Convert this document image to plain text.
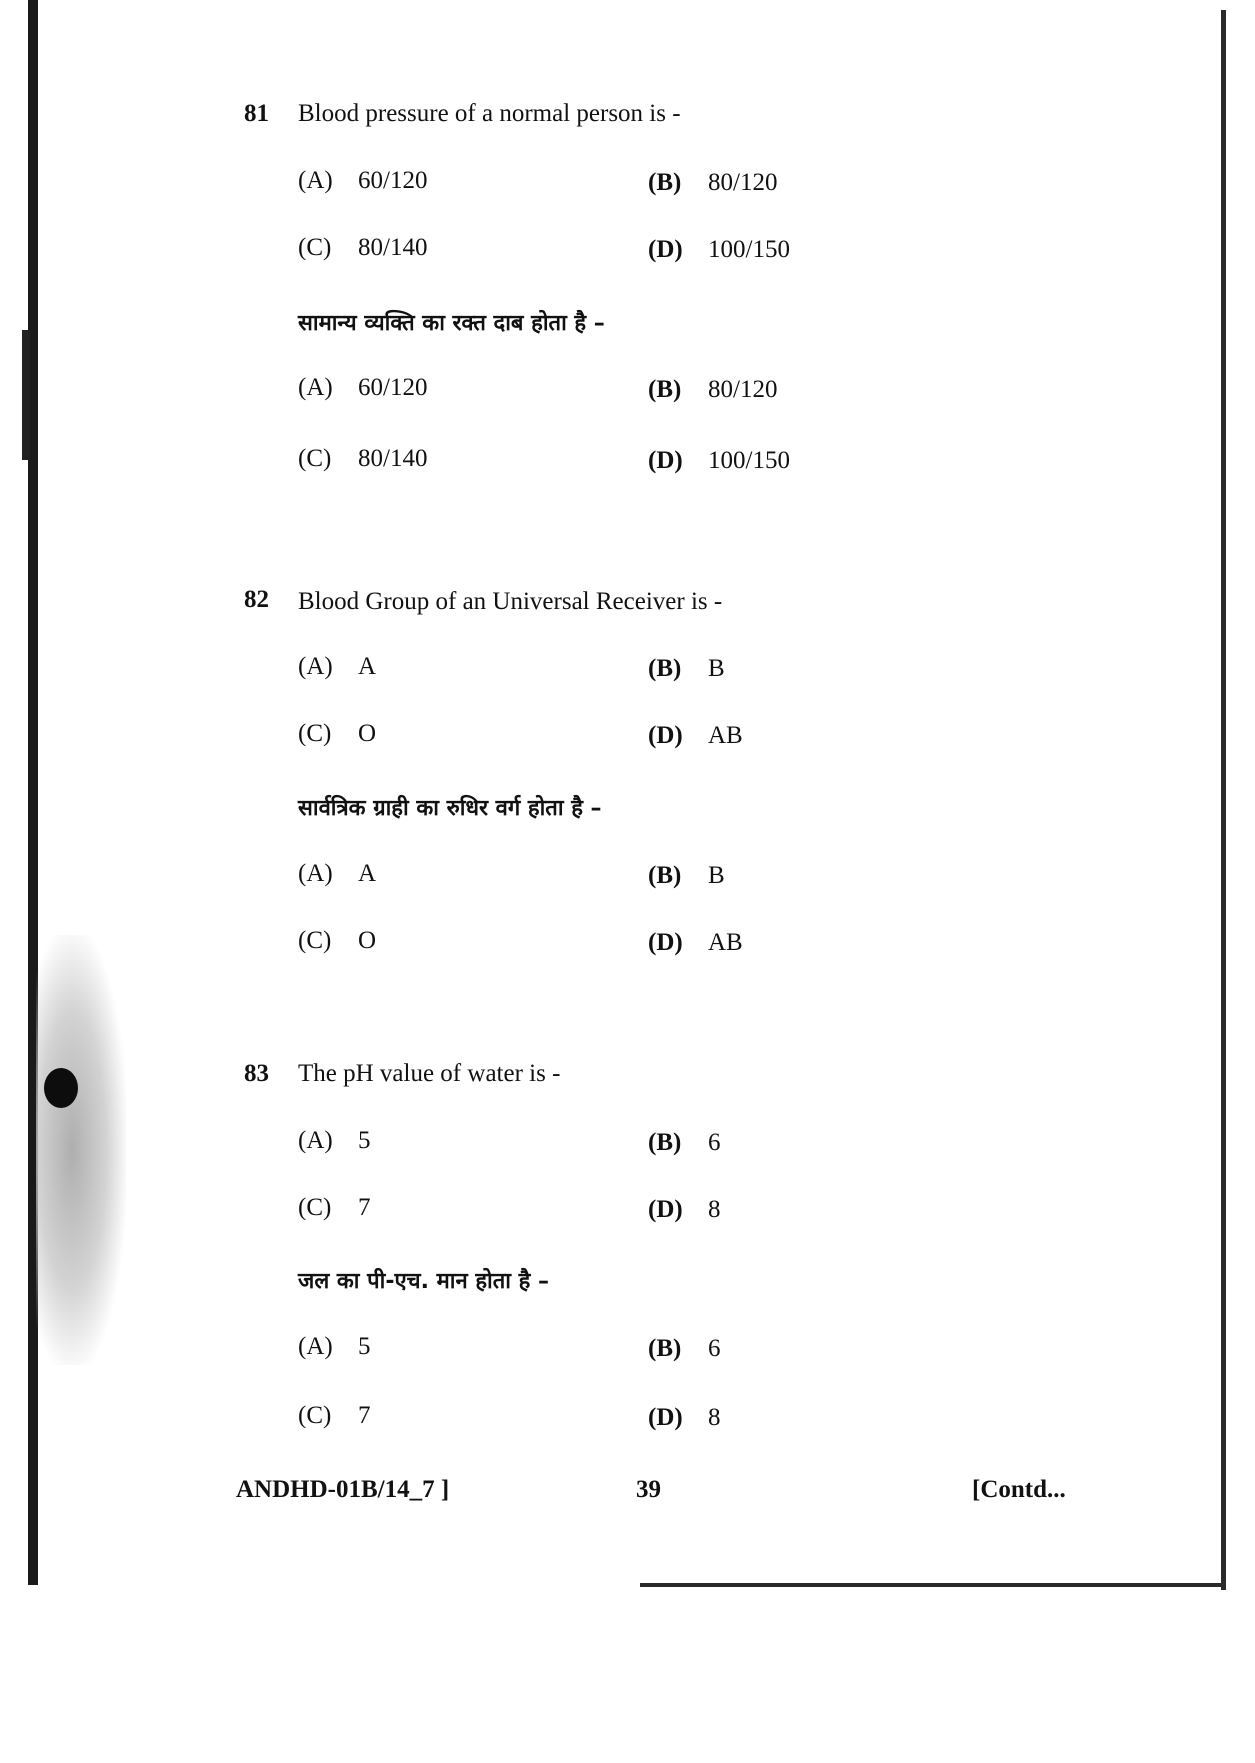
81 Blood pressure of a normal person is -
(A) 60/120	(B) 80/120
(C) 80/140	(D) 100/150
सामान्य व्यक्ति का रक्त दाब होता है –
(A) 60/120	(B) 80/120
(C) 80/140	(D) 100/150
82 Blood Group of an Universal Receiver is -
(A) A	(B) B
(C) O	(D) AB
सार्वत्रिक ग्राही का रुधिर वर्ग होता है –
(A) A	(B) B
(C) O	(D) AB
83 The pH value of water is -
(A) 5	(B) 6
(C) 7	(D) 8
जल का पी-एच. मान होता है –
(A) 5	(B) 6
(C) 7	(D) 8
ANDHD-01B/14_7 ]	39	[Contd...
